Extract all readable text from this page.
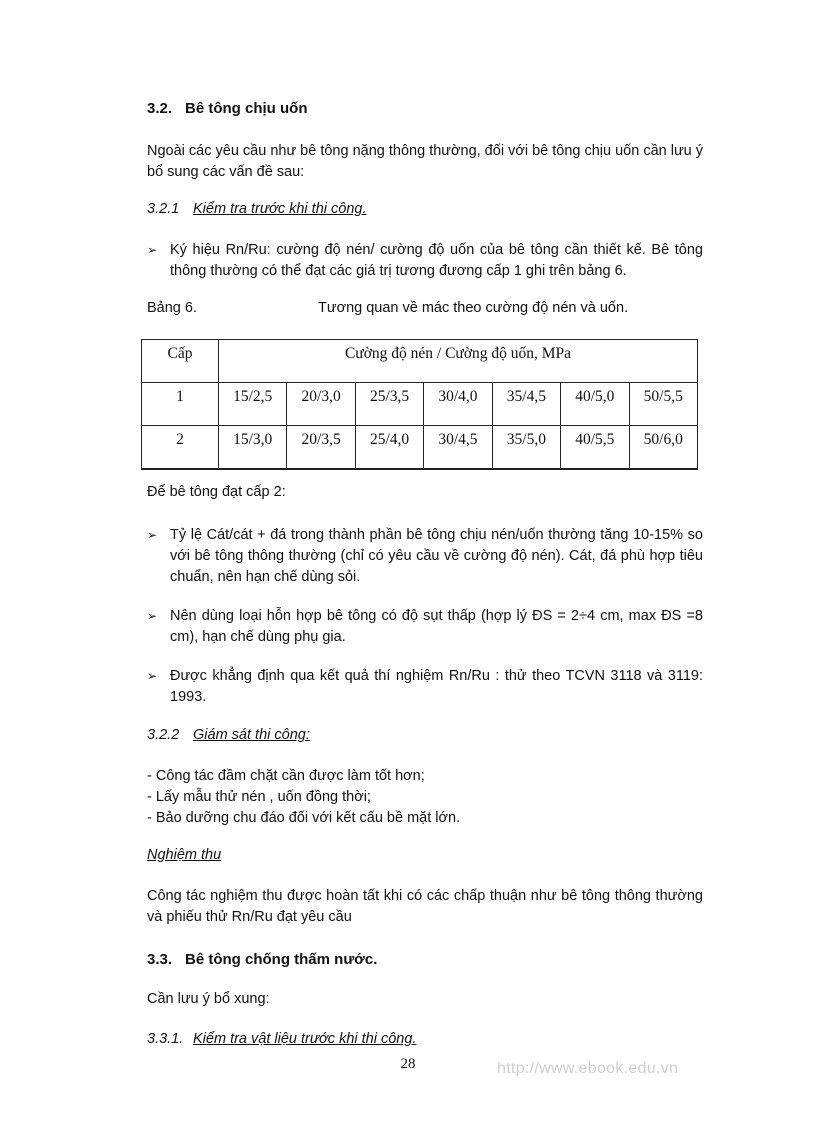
3.2. Bê tông chịu uốn
Ngoài các yêu cầu như bê tông nặng thông thường, đối với bê tông chịu uốn cần lưu ý bổ sung các vấn đề sau:
3.2.1 Kiểm tra trước khi thi công.
➢ Ký hiệu Rn/Ru: cường độ nén/ cường độ uốn của bê tông cần thiết kế. Bê tông thông thường có thể đạt các giá trị tương đương cấp 1 ghi trên bảng 6.
Bảng 6.	Tương quan về mác theo cường độ nén và uốn.
Cấp	Cường độ nén / Cường độ uốn, MPa						
1	15/2,5	20/3,0	25/3,5	30/4,0	35/4,5	40/5,0	50/5,5
2	15/3,0	20/3,5	25/4,0	30/4,5	35/5,0	40/5,5	50/6,0
Để bê tông đạt cấp 2:
➢ Tỷ lệ Cát/cát + đá trong thành phần bê tông chịu nén/uốn thường tăng 10-15% so với bê tông thông thường (chỉ có yêu cầu về cường độ nén). Cát, đá phù hợp tiêu chuẩn, nên hạn chế dùng sỏi.
➢ Nên dùng loại hỗn hợp bê tông có độ sụt thấp (hợp lý ĐS = 2÷4 cm, max ĐS =8 cm), hạn chế dùng phụ gia.
➢ Được khẳng định qua kết quả thí nghiệm Rn/Ru : thử theo TCVN 3118 và 3119: 1993.
3.2.2 Giám sát thi công:
- Công tác đầm chặt cần được làm tốt hơn;
- Lấy mẫu thử nén , uốn đồng thời;
- Bảo dưỡng chu đáo đối với kết cấu bề mặt lớn.
Nghiệm thu
Công tác nghiệm thu được hoàn tất khi có các chấp thuận như bê tông thông thường và phiếu thử Rn/Ru đạt yêu cầu
3.3. Bê tông chống thấm nước.
Cần lưu ý bổ xung:
3.3.1. Kiểm tra vật liệu trước khi thi công.
28	http://www.ebook.edu.vn
